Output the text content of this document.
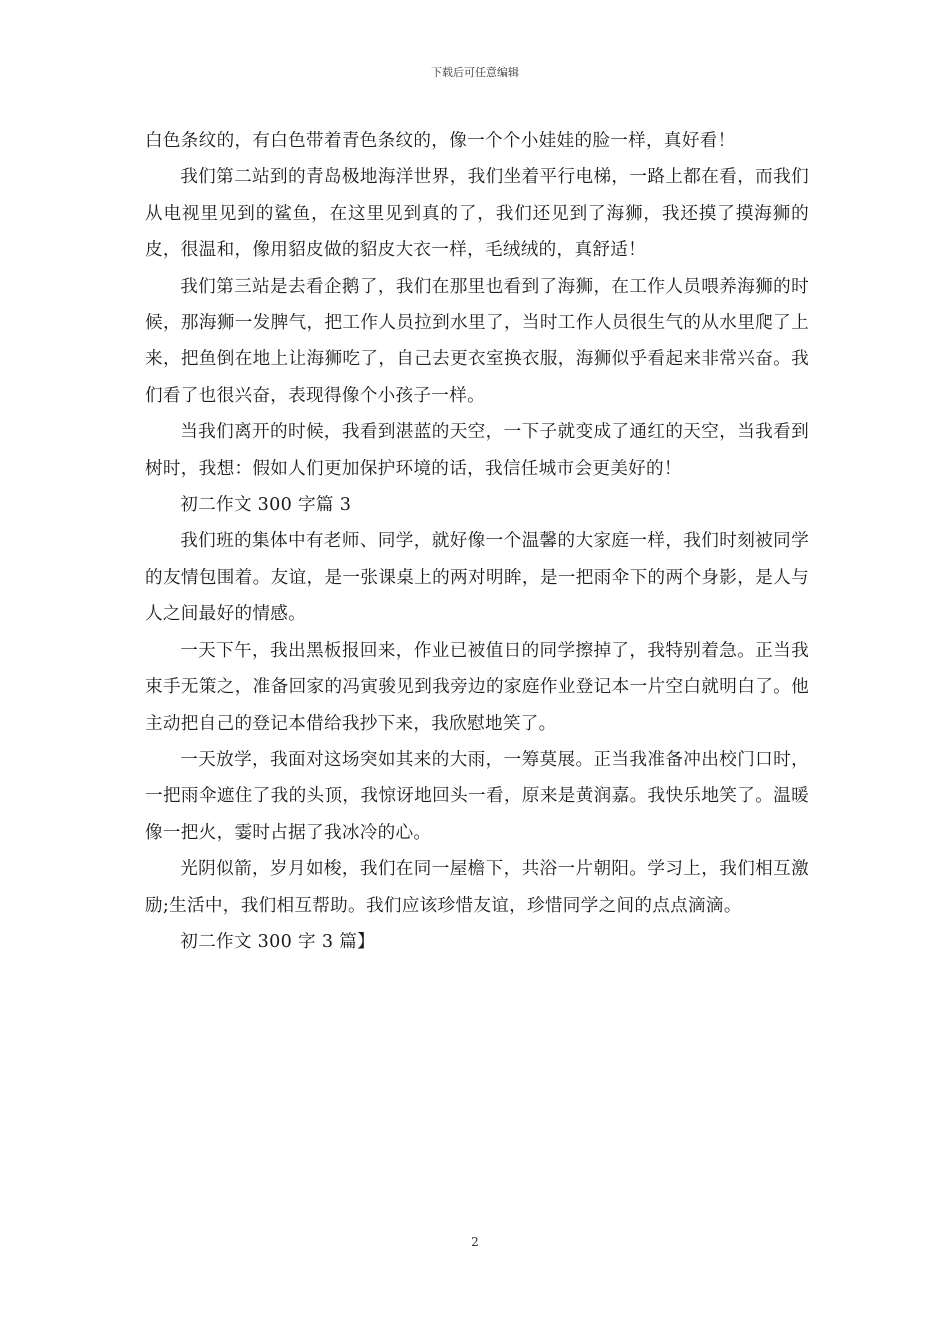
下载后可任意编辑

白色条纹的，有白色带着青色条纹的，像一个个小娃娃的脸一样，真好看！

我们第二站到的青岛极地海洋世界，我们坐着平行电梯，一路上都在看，而我们从电视里见到的鲨鱼，在这里见到真的了，我们还见到了海狮，我还摸了摸海狮的皮，很温和，像用貂皮做的貂皮大衣一样，毛绒绒的，真舒适！

我们第三站是去看企鹅了，我们在那里也看到了海狮，在工作人员喂养海狮的时候，那海狮一发脾气，把工作人员拉到水里了，当时工作人员很生气的从水里爬了上来，把鱼倒在地上让海狮吃了，自己去更衣室换衣服，海狮似乎看起来非常兴奋。我们看了也很兴奋，表现得像个小孩子一样。

当我们离开的时候，我看到湛蓝的天空，一下子就变成了通红的天空，当我看到树时，我想：假如人们更加保护环境的话，我信任城市会更美好的！

初二作文 300 字篇 3

我们班的集体中有老师、同学，就好像一个温馨的大家庭一样，我们时刻被同学的友情包围着。友谊，是一张课桌上的两对明眸，是一把雨伞下的两个身影，是人与人之间最好的情感。

一天下午，我出黑板报回来，作业已被值日的同学擦掉了，我特别着急。正当我束手无策之，准备回家的冯寅骏见到我旁边的家庭作业登记本一片空白就明白了。他主动把自己的登记本借给我抄下来，我欣慰地笑了。

一天放学，我面对这场突如其来的大雨，一筹莫展。正当我准备冲出校门口时，一把雨伞遮住了我的头顶，我惊讶地回头一看，原来是黄润嘉。我快乐地笑了。温暖像一把火，霎时占据了我冰冷的心。

光阴似箭，岁月如梭，我们在同一屋檐下，共浴一片朝阳。学习上，我们相互激励;生活中，我们相互帮助。我们应该珍惜友谊，珍惜同学之间的点点滴滴。

初二作文 300 字 3 篇】

2
